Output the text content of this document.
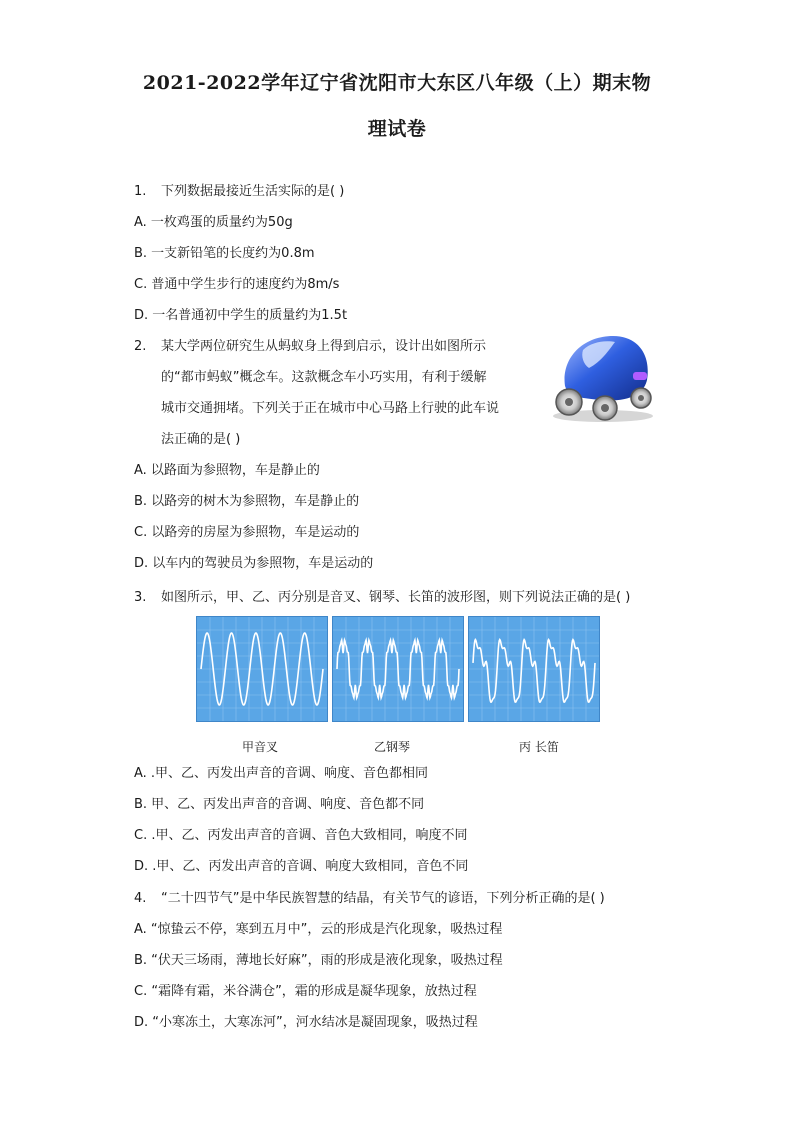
2021-2022学年辽宁省沈阳市大东区八年级（上）期末物
理试卷
1. 下列数据最接近生活实际的是( )
A. 一枚鸡蛋的质量约为50g
B. 一支新铅笔的长度约为0.8m
C. 普通中学生步行的速度约为8m/s
D. 一名普通初中学生的质量约为1.5t
2. 某大学两位研究生从蚂蚁身上得到启示，设计出如图所示
的“都市蚂蚁”概念车。这款概念车小巧实用，有利于缓解
城市交通拥堵。下列关于正在城市中心马路上行驶的此车说
法正确的是( )
A. 以路面为参照物，车是静止的
B. 以路旁的树木为参照物，车是静止的
C. 以路旁的房屋为参照物，车是运动的
D. 以车内的驾驶员为参照物，车是运动的
3. 如图所示，甲、乙、丙分别是音叉、钢琴、长笛的波形图，则下列说法正确的是( )
甲音叉	乙钢琴	丙 长笛
A. .甲、乙、丙发出声音的音调、响度、音色都相同
B. 甲、乙、丙发出声音的音调、响度、音色都不同
C. .甲、乙、丙发出声音的音调、音色大致相同，响度不同
D. .甲、乙、丙发出声音的音调、响度大致相同，音色不同
4. “二十四节气”是中华民族智慧的结晶，有关节气的谚语，下列分析正确的是( )
A. “惊蛰云不停，寒到五月中”，云的形成是汽化现象，吸热过程
B. “伏天三场雨，薄地长好麻”，雨的形成是液化现象，吸热过程
C. “霜降有霜，米谷满仓”，霜的形成是凝华现象，放热过程
D. “小寒冻土，大寒冻河”，河水结冰是凝固现象，吸热过程
